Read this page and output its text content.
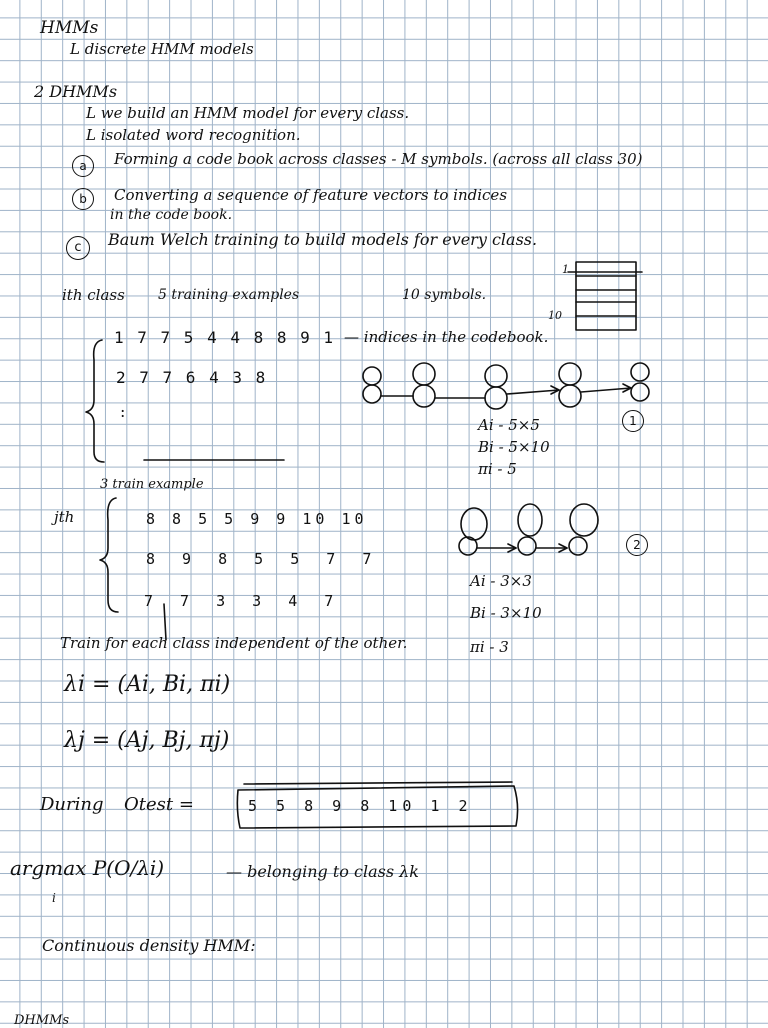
HMMs
L discrete HMM models
2 DHMMs
L we build an HMM model for every class.
L isolated word recognition.
a	Forming a code book across classes - M symbols. (across all class 30)
b	Converting a sequence of feature vectors to indices
in the code book.
c	Baum Welch training to build models for every class.
ith class 5 training examples	10 symbols.
1 7 7 5 4 4 8 8 9 1 — indices in the codebook.
2 7 7 6 4 3 8
:
10
1
Ai - 5×5
Bi - 5×10
πi - 5
1
3 train example
jth	8 8 5 5 9 9 10 10
8 9 8 5 5 7 7
7 7 3 3 4 7
Ai - 3×3
Bi - 3×10
πi - 3
2
Train for each class independent of the other.
λi = (Ai, Bi, πi)
λj = (Aj, Bj, πj)
During Otest =	5 5 8 9 8 10 1 2
argmax P(O/λi)
i
— belonging to class λk
Continuous density HMM:
DHMMs
